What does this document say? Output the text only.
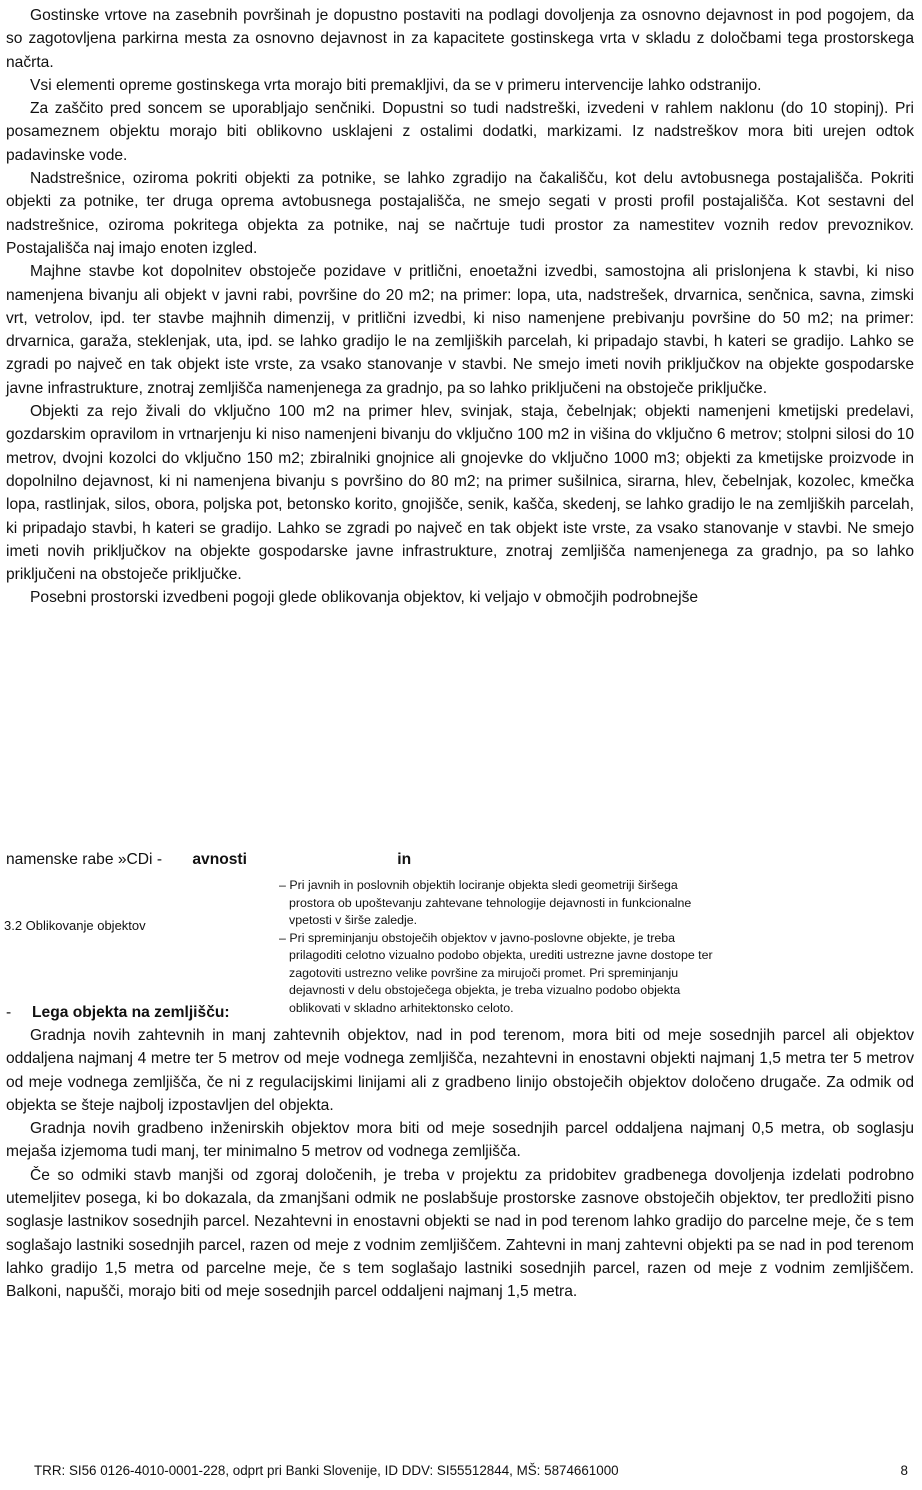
Gostinske vrtove na zasebnih površinah je dopustno postaviti na podlagi dovoljenja za osnovno dejavnost in pod pogojem, da so zagotovljena parkirna mesta za osnovno dejavnost in za kapacitete gostinskega vrta v skladu z določbami tega prostorskega načrta.

Vsi elementi opreme gostinskega vrta morajo biti premakljivi, da se v primeru intervencije lahko odstranijo.

Za zaščito pred soncem se uporabljajo senčniki. Dopustni so tudi nadstreški, izvedeni v rahlem naklonu (do 10 stopinj). Pri posameznem objektu morajo biti oblikovno usklajeni z ostalimi dodatki, markizami. Iz nadstreškov mora biti urejen odtok padavinske vode.

Nadstrešnice, oziroma pokriti objekti za potnike, se lahko zgradijo na čakališču, kot delu avtobusnega postajališča. Pokriti objekti za potnike, ter druga oprema avtobusnega postajališča, ne smejo segati v prosti profil postajališča. Kot sestavni del nadstrešnice, oziroma pokritega objekta za potnike, naj se načrtuje tudi prostor za namestitev voznih redov prevoznikov. Postajališča naj imajo enoten izgled.

Majhne stavbe kot dopolnitev obstoječe pozidave v pritlični, enoetažni izvedbi, samostojna ali prislonjena k stavbi, ki niso namenjena bivanju ali objekt v javni rabi, površine do 20 m2; na primer: lopa, uta, nadstrešek, drvarnica, senčnica, savna, zimski vrt, vetrolov, ipd. ter stavbe majhnih dimenzij, v pritlični izvedbi, ki niso namenjene prebivanju površine do 50 m2; na primer: drvarnica, garaža, steklenjak, uta, ipd. se lahko gradijo le na zemljiških parcelah, ki pripadajo stavbi, h kateri se gradijo. Lahko se zgradi po največ en tak objekt iste vrste, za vsako stanovanje v stavbi. Ne smejo imeti novih priključkov na objekte gospodarske javne infrastrukture, znotraj zemljišča namenjenega za gradnjo, pa so lahko priključeni na obstoječe priključke.

Objekti za rejo živali do vključno 100 m2 na primer hlev, svinjak, staja, čebelnjak; objekti namenjeni kmetijski predelavi, gozdarskim opravilom in vrtnarjenju ki niso namenjeni bivanju do vključno 100 m2 in višina do vključno 6 metrov; stolpni silosi do 10 metrov, dvojni kozolci do vključno 150 m2; zbiralniki gnojnice ali gnojevke do vključno 1000 m3; objekti za kmetijske proizvode in dopolnilno dejavnost, ki ni namenjena bivanju s površino do 80 m2; na primer sušilnica, sirarna, hlev, čebelnjak, kozolec, kmečka lopa, rastlinjak, silos, obora, poljska pot, betonsko korito, gnojišče, senik, kašča, skedenj, se lahko gradijo le na zemljiških parcelah, ki pripadajo stavbi, h kateri se gradijo. Lahko se zgradi po največ en tak objekt iste vrste, za vsako stanovanje v stavbi. Ne smejo imeti novih priključkov na objekte gospodarske javne infrastrukture, znotraj zemljišča namenjenega za gradnjo, pa so lahko priključeni na obstoječe priključke.

Posebni prostorski izvedbeni pogoji glede oblikovanja objektov, ki veljajo v območjih podrobnejše

namenske rabe »CDi - avnosti	in

3.2 Oblikovanje objektov

– Pri javnih in poslovnih objektih lociranje objekta sledi geometriji širšega

prostora ob upoštevanju zahtevane tehnologije dejavnosti in funkcionalne

vpetosti v širše zaledje.

– Pri spreminjanju obstoječih objektov v javno-poslovne objekte, je treba

prilagoditi celotno vizualno podobo objekta, urediti ustrezne javne dostope ter

zagotoviti ustrezno velike površine za mirujoči promet. Pri spreminjanju

dejavnosti v delu obstoječega objekta, je treba vizualno podobo objekta

oblikovati v skladno arhitektonsko celoto.

- Lega objekta na zemljišču:

Gradnja novih zahtevnih in manj zahtevnih objektov, nad in pod terenom, mora biti od meje sosednjih parcel ali objektov oddaljena najmanj 4 metre ter 5 metrov od meje vodnega zemljišča, nezahtevni in enostavni objekti najmanj 1,5 metra ter 5 metrov od meje vodnega zemljišča, če ni z regulacijskimi linijami ali z gradbeno linijo obstoječih objektov določeno drugače. Za odmik od objekta se šteje najbolj izpostavljen del objekta.

Gradnja novih gradbeno inženirskih objektov mora biti od meje sosednjih parcel oddaljena najmanj 0,5 metra, ob soglasju mejaša izjemoma tudi manj, ter minimalno 5 metrov od vodnega zemljišča.

Če so odmiki stavb manjši od zgoraj določenih, je treba v projektu za pridobitev gradbenega dovoljenja izdelati podrobno utemeljitev posega, ki bo dokazala, da zmanjšani odmik ne poslabšuje prostorske zasnove obstoječih objektov, ter predložiti pisno soglasje lastnikov sosednjih parcel. Nezahtevni in enostavni objekti se nad in pod terenom lahko gradijo do parcelne meje, če s tem soglašajo lastniki sosednjih parcel, razen od meje z vodnim zemljiščem. Zahtevni in manj zahtevni objekti pa se nad in pod terenom lahko gradijo 1,5 metra od parcelne meje, če s tem soglašajo lastniki sosednjih parcel, razen od meje z vodnim zemljiščem. Balkoni, napušči, morajo biti od meje sosednjih parcel oddaljeni najmanj 1,5 metra.

TRR: SI56 0126-4010-0001-228, odprt pri Banki Slovenije, ID DDV: SI55512844, MŠ: 5874661000	8
